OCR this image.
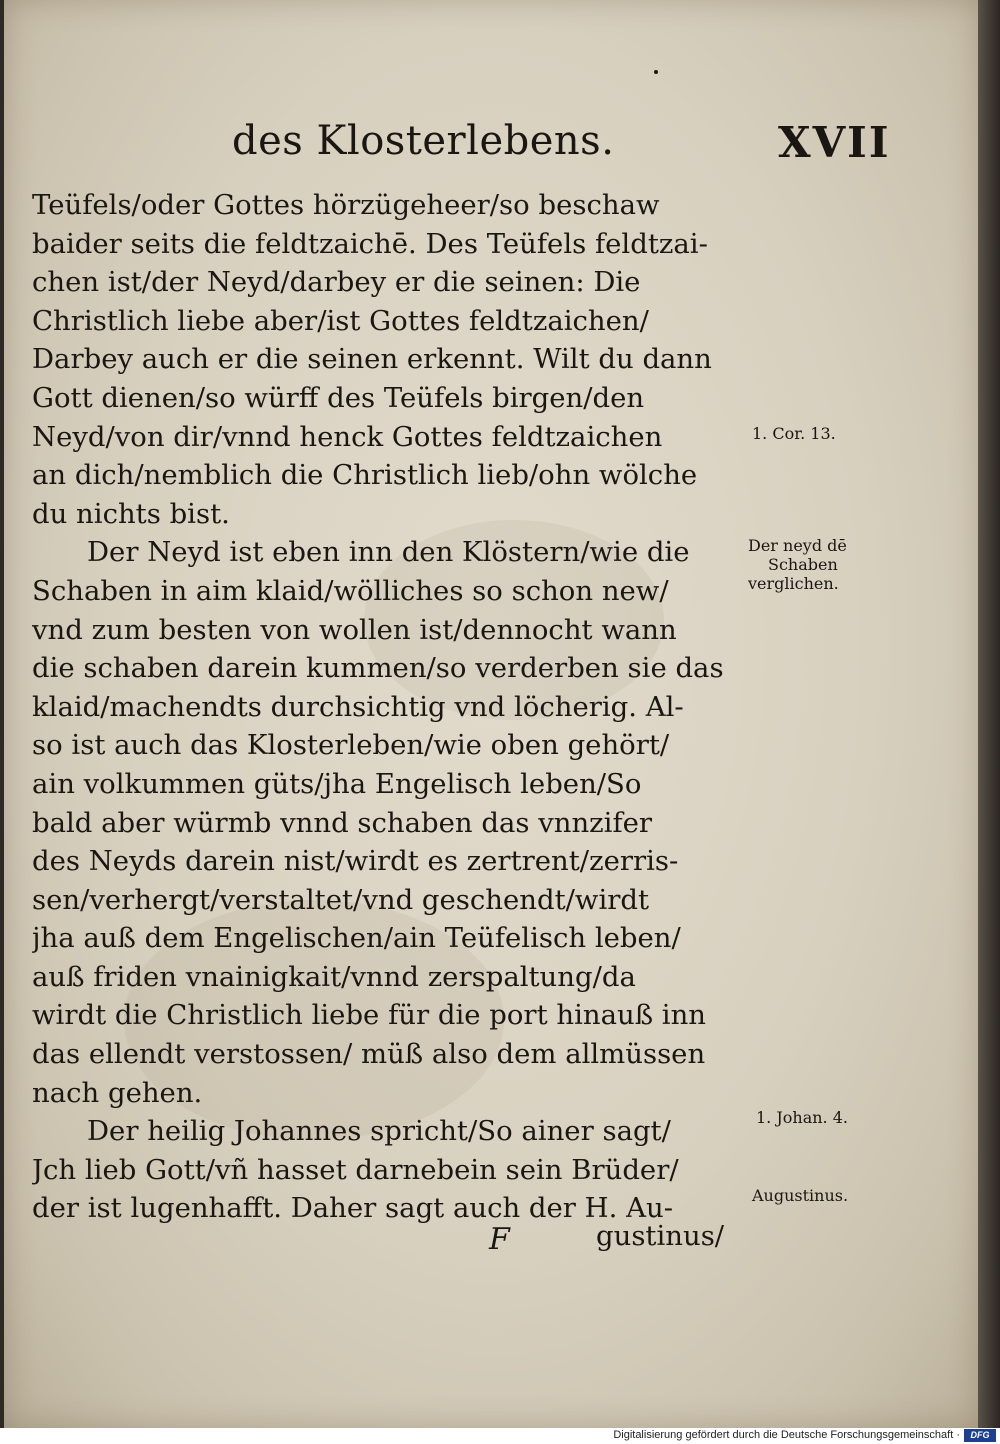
des Klosterlebens.	XVII
Teüfels/oder Gottes hörzügeheer/so beschaw
baider seits die feldtzaichē. Des Teüfels feldtzai-
chen ist/der Neyd/darbey er die seinen: Die
Christlich liebe aber/ist Gottes feldtzaichen/
Darbey auch er die seinen erkennt. Wilt du dann
Gott dienen/so würff des Teüfels birgen/den
Neyd/von dir/vnnd henck Gottes feldtzaichen
an dich/nemblich die Christlich lieb/ohn wölche
du nichts bist.
Der Neyd ist eben inn den Klöstern/wie die
Schaben in aim klaid/wölliches so schon new/
vnd zum besten von wollen ist/dennocht wann
die schaben darein kummen/so verderben sie das
klaid/machendts durchsichtig vnd löcherig. Al-
so ist auch das Klosterleben/wie oben gehört/
ain volkummen güts/jha Engelisch leben/So
bald aber würmb vnnd schaben das vnnzifer
des Neyds darein nist/wirdt es zertrent/zerris-
sen/verhergt/verstaltet/vnd geschendt/wirdt
jha auß dem Engelischen/ain Teüfelisch leben/
auß friden vnainigkait/vnnd zerspaltung/da
wirdt die Christlich liebe für die port hinauß inn
das ellendt verstossen/ müß also dem allmüssen
nach gehen.
Der heilig Johannes spricht/So ainer sagt/
Jch lieb Gott/vñ hasset darnebein sein Brüder/
der ist lugenhafft. Daher sagt auch der H. Au-
1. Cor. 13.
Der neyd dē
Schaben
verglichen.
1. Johan. 4.
Augustinus.
F	gustinus/
Digitalisierung gefördert durch die Deutsche Forschungsgemeinschaft ·	DFG
